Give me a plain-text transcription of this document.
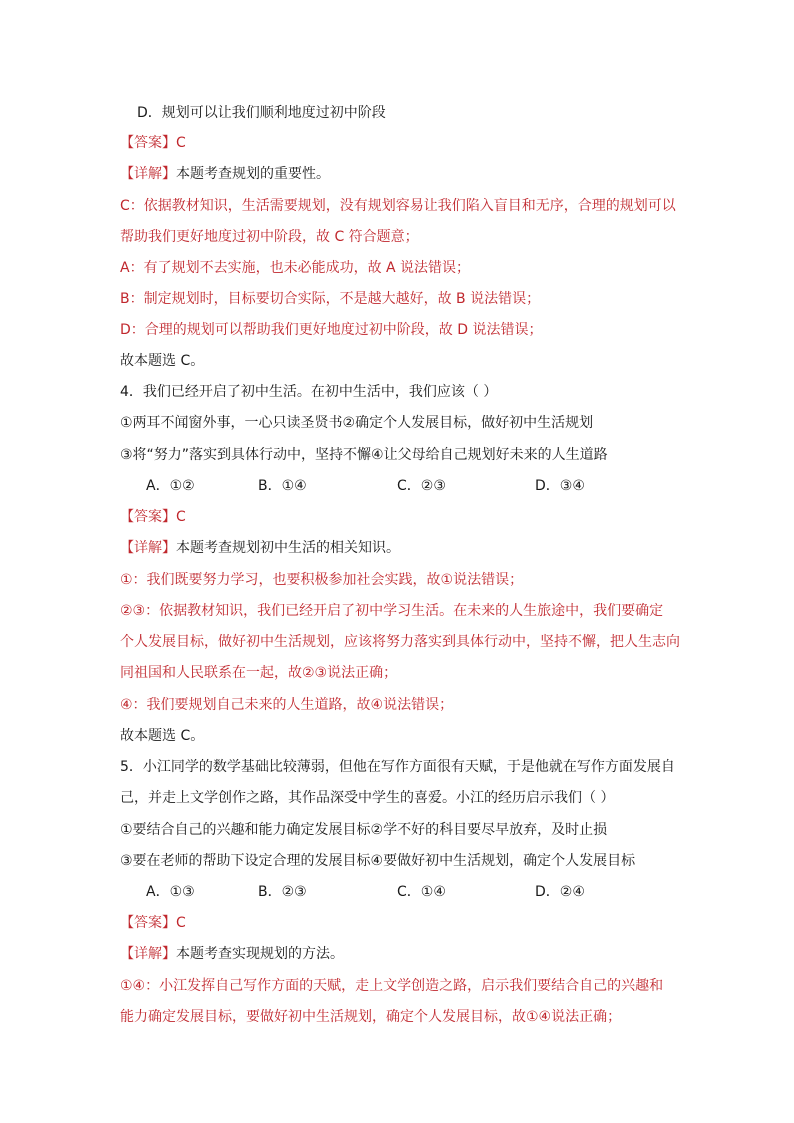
D．规划可以让我们顺利地度过初中阶段
【答案】C
【详解】本题考查规划的重要性。
C：依据教材知识，生活需要规划，没有规划容易让我们陷入盲目和无序，合理的规划可以
帮助我们更好地度过初中阶段，故 C 符合题意；
A：有了规划不去实施，也未必能成功，故 A 说法错误；
B：制定规划时，目标要切合实际，不是越大越好，故 B 说法错误；
D：合理的规划可以帮助我们更好地度过初中阶段，故 D 说法错误；
故本题选 C。
4．我们已经开启了初中生活。在初中生活中，我们应该（ ）
①两耳不闻窗外事，一心只读圣贤书②确定个人发展目标，做好初中生活规划
③将“努力”落实到具体行动中，坚持不懈④让父母给自己规划好未来的人生道路
A．①②	B．①④	C．②③	D．③④
【答案】C
【详解】本题考查规划初中生活的相关知识。
①：我们既要努力学习，也要积极参加社会实践，故①说法错误；
②③：依据教材知识，我们已经开启了初中学习生活。在未来的人生旅途中，我们要确定
个人发展目标，做好初中生活规划，应该将努力落实到具体行动中，坚持不懈，把人生志向
同祖国和人民联系在一起，故②③说法正确；
④：我们要规划自己未来的人生道路，故④说法错误；
故本题选 C。
5．小江同学的数学基础比较薄弱，但他在写作方面很有天赋，于是他就在写作方面发展自
己，并走上文学创作之路，其作品深受中学生的喜爱。小江的经历启示我们（ ）
①要结合自己的兴趣和能力确定发展目标②学不好的科目要尽早放弃，及时止损
③要在老师的帮助下设定合理的发展目标④要做好初中生活规划，确定个人发展目标
A．①③	B．②③	C．①④	D．②④
【答案】C
【详解】本题考查实现规划的方法。
①④：小江发挥自己写作方面的天赋，走上文学创造之路，启示我们要结合自己的兴趣和
能力确定发展目标，要做好初中生活规划，确定个人发展目标，故①④说法正确；
